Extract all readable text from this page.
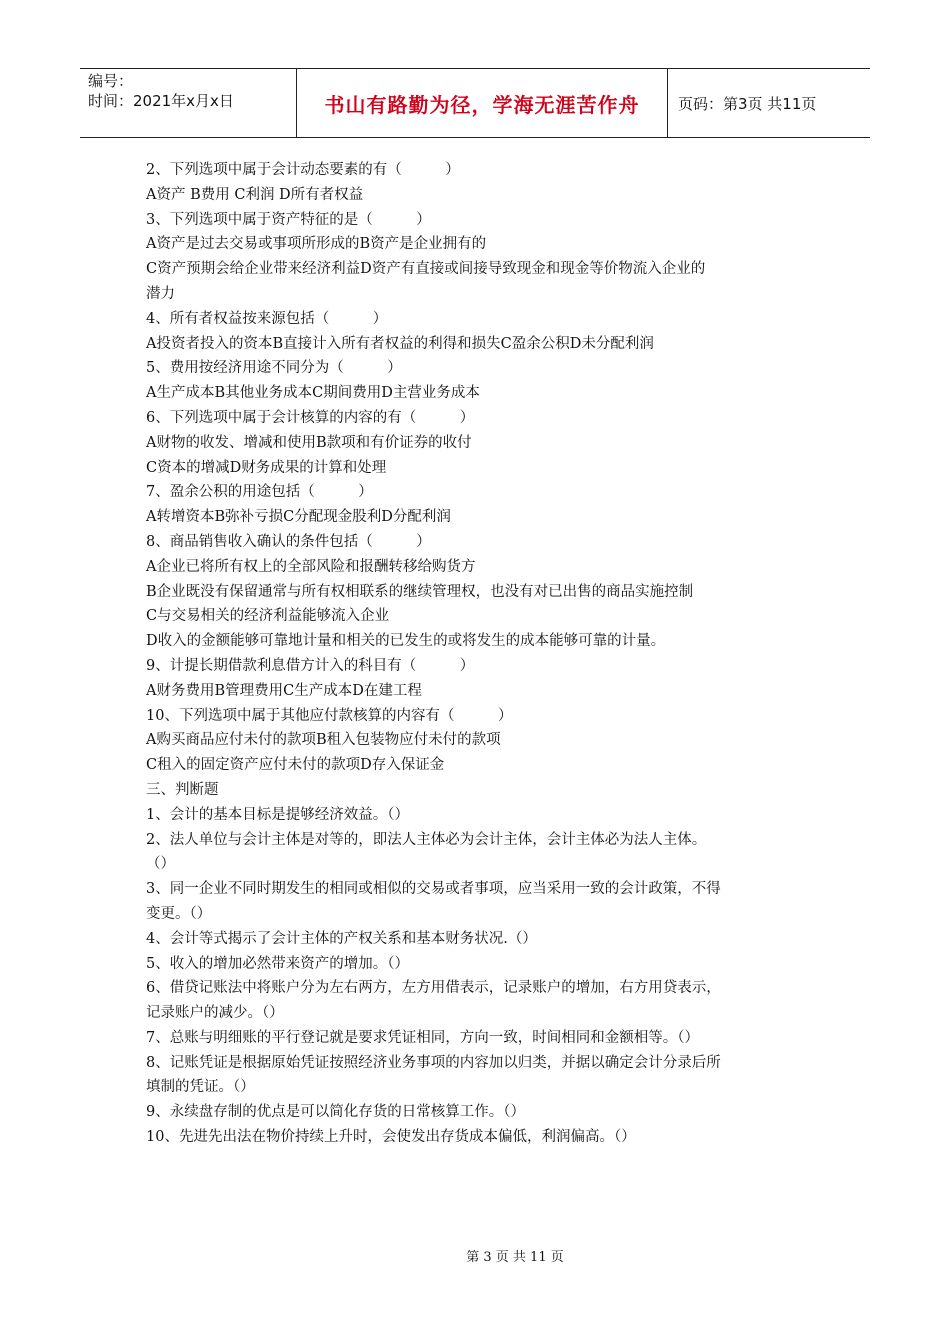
编号：
时间：2021年x月x日	书山有路勤为径，学海无涯苦作舟	页码：第3页 共11页

2、下列选项中属于会计动态要素的有（　　　）

A资产 B费用 C利润 D所有者权益

3、下列选项中属于资产特征的是（　　　）

A资产是过去交易或事项所形成的B资产是企业拥有的

C资产预期会给企业带来经济利益D资产有直接或间接导致现金和现金等价物流入企业的

潜力

4、所有者权益按来源包括（　　　）

A投资者投入的资本B直接计入所有者权益的利得和损失C盈余公积D未分配利润

5、费用按经济用途不同分为（　　　）

A生产成本B其他业务成本C期间费用D主营业务成本

6、下列选项中属于会计核算的内容的有（　　　）

A财物的收发、增减和使用B款项和有价证券的收付

C资本的增减D财务成果的计算和处理

7、盈余公积的用途包括（　　　）

A转增资本B弥补亏损C分配现金股利D分配利润

8、商品销售收入确认的条件包括（　　　）

A企业已将所有权上的全部风险和报酬转移给购货方

B企业既没有保留通常与所有权相联系的继续管理权，也没有对已出售的商品实施控制

C与交易相关的经济利益能够流入企业

D收入的金额能够可靠地计量和相关的已发生的或将发生的成本能够可靠的计量。

9、计提长期借款利息借方计入的科目有（　　　）

A财务费用B管理费用C生产成本D在建工程

10、下列选项中属于其他应付款核算的内容有（　　　）

A购买商品应付未付的款项B租入包装物应付未付的款项

C租入的固定资产应付未付的款项D存入保证金

三、判断题

1、会计的基本目标是提够经济效益。（）

2、法人单位与会计主体是对等的，即法人主体必为会计主体，会计主体必为法人主体。

（）

3、同一企业不同时期发生的相同或相似的交易或者事项，应当采用一致的会计政策，不得

变更。（）

4、会计等式揭示了会计主体的产权关系和基本财务状况.（）

5、收入的增加必然带来资产的增加。（）

6、借贷记账法中将账户分为左右两方，左方用借表示，记录账户的增加，右方用贷表示，

记录账户的减少。（）

7、总账与明细账的平行登记就是要求凭证相同，方向一致，时间相同和金额相等。（）

8、记账凭证是根据原始凭证按照经济业务事项的内容加以归类，并据以确定会计分录后所

填制的凭证。（）

9、永续盘存制的优点是可以简化存货的日常核算工作。（）

10、先进先出法在物价持续上升时，会使发出存货成本偏低，利润偏高。（）

第 3 页 共 11 页
